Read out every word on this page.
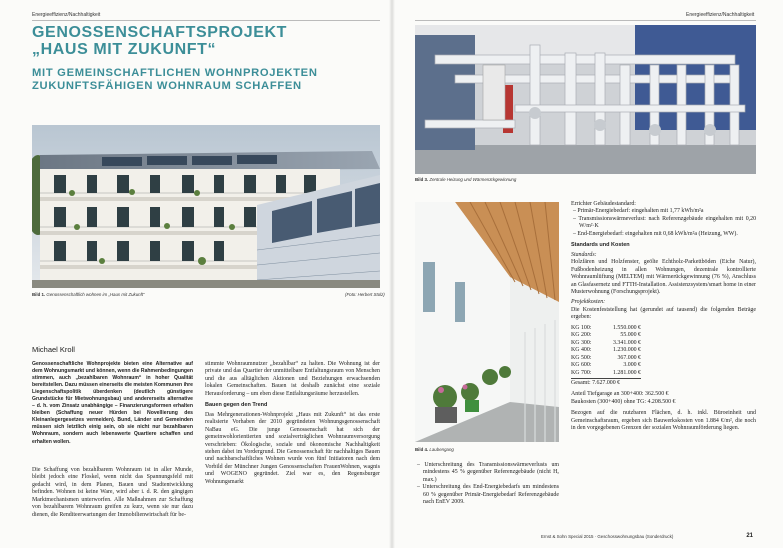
Energieeffizienz/Nachhaltigkeit
GENOSSENSCHAFTSPROJEKT
„HAUS MIT ZUKUNFT“
MIT GEMEINSCHAFTLICHEN WOHNPROJEKTEN
ZUKUNFTSFÄHIGEN WOHNRAUM SCHAFFEN
Bild 1. Genossenschaftlich wohnen im „Haus mit Zukunft“	(Foto: Herbert Stolz)
Michael Kroll
Genossenschaftliche Wohnprojekte bieten eine Alternative auf dem Wohnungsmarkt und können, wenn die Rahmenbedingungen stimmen, auch „bezahlbaren Wohnraum“ in hoher Qualität bereitstellen. Dazu müssen einerseits die meisten Kommunen ihre Liegenschaftspolitik überdenken (deutlich günstigere Grundstücke für Mietwohnungsbau) und andererseits alternative – d. h. vom Zinsatz unabhängige – Finanzierungsformen erhalten bleiben (Schaffung neuer Hürden bei Novellierung des Kleinanlegergesetzes vermeiden). Bund, Länder und Gemeinden müssen sich letztlich einig sein, ob sie nicht nur bezahlbaren Wohnraum, sondern auch lebenswerte Quartiere schaffen und erhalten wollen.

Die Schaffung von bezahlbarem Wohnraum ist in aller Munde, bleibt jedoch eine Floskel, wenn nicht das Spannungsfeld mit gedacht wird, in dem Planen, Bauen und Stadtentwicklung befinden. Wohnen ist keine Ware, wird aber i. d. R. den gängigen Marktmechanismen unterworfen. Alle Maßnahmen zur Schaffung von bezahlbarem Wohnraum greifen zu kurz, wenn sie nur dazu dienen, die Renditeerwartungen der Immobilienwirtschaft für be-

stimmte Wohnraumnutzer „bezahlbar“ zu halten. Die Wohnung ist der private und das Quartier der unmittelbare Entfaltungsraum von Menschen und die aus alltäglichen Aktionen und Beziehungen erwachsenden lokalen Gemeinschaften. Bauen ist deshalb zunächst eine soziale Herausforderung – um eben diese Entfaltungsräume herzustellen.

Bauen gegen den Trend

Das Mehrgenerationen-Wohnprojekt „Haus mit Zukunft“ ist das erste realisierte Vorhaben der 2010 gegründeten Wohnungsgenossenschaft NaBau eG. Die junge Genossenschaft hat sich der gemeinwohlorientierten und sozialverträglichen Wohnraumversorgung verschrieben: Ökologische, soziale und ökonomische Nachhaltigkeit stehen dabei im Vordergrund. Die Genossenschaft für nachhaltiges Bauen und nachbarschaftliches Wohnen wurde von fünf Initiatoren nach dem Vorbild der Münchner Jungen Genossenschaften FrauenWohnen, wagnis und WOGENO gegründet. Ziel war es, den Regensburger Wohnungsmarkt

Energieeffizienz/Nachhaltigkeit
Bild 3. Zentrale Heizung und Wärmerückgewinnung
Bild 4. Laubengang

– Unterschreitung des Transmissionswärmeverlusts um mindestens 45 % gegenüber Referenzgebäude (nicht Hₐ max.)

– Unterschreitung des End-Energiebedarfs um mindestens 60 % gegenüber Primär-Energiebedarf Referenzgebäude nach EnEV 2009.

Errichter Gebäudestandard:

– Primär-Energiebedarf: eingehalten mit 1,77 kWh/m²a

– Transmissionswärmeverlust: nach Referenzgebäude eingehalten mit 0,20 W/m²·K

– End-Energiebedarf: eingehalten mit 0,68 kWh/m²a (Heizung, WW).

Standards und Kosten

Standards:

Holzfären und Holzfenster, geölte Echtholz-Parkettböden (Eiche Natur), Fußbodenheizung in allen Wohnungen, dezentrale kontrollierte Wohnraumlüftung (MELTEM) mit Wärmerückgewinnung (76 %), Anschluss an Glasfasernetz und FTTH-Installation. Assistenzsystem/smart home in einer Musterwohnung (Forschungsprojekt).

Projektkosten:

Die Kostenfeststellung hat (gerundet auf tausend) die folgenden Beträge ergeben:

KG 100:	1.550.000 €
KG 200:	55.000 €
KG 300:	3.341.000 €
KG 400:	1.230.000 €
KG 500:	367.000 €
KG 600:	3.000 €
KG 700:	1.281.000 €

Gesamt: 7.627.000 €

Anteil Tiefgarage an 300+400: 362.500 €

Baukosten (300+400) ohne TG: 4.208.500 €

Bezogen auf die nutzbaren Flächen, d. h. inkl. Büroeinheit und Gemeinschaftsraum, ergeben sich Bauwerkskosten von 1.884 €/m², die noch in den vorgegebenen Grenzen der sozialen Wohnraumförderung liegen.

Ernst & Sohn Special 2015 · Geschosswohnungsbau (Sonderdruck)	21
